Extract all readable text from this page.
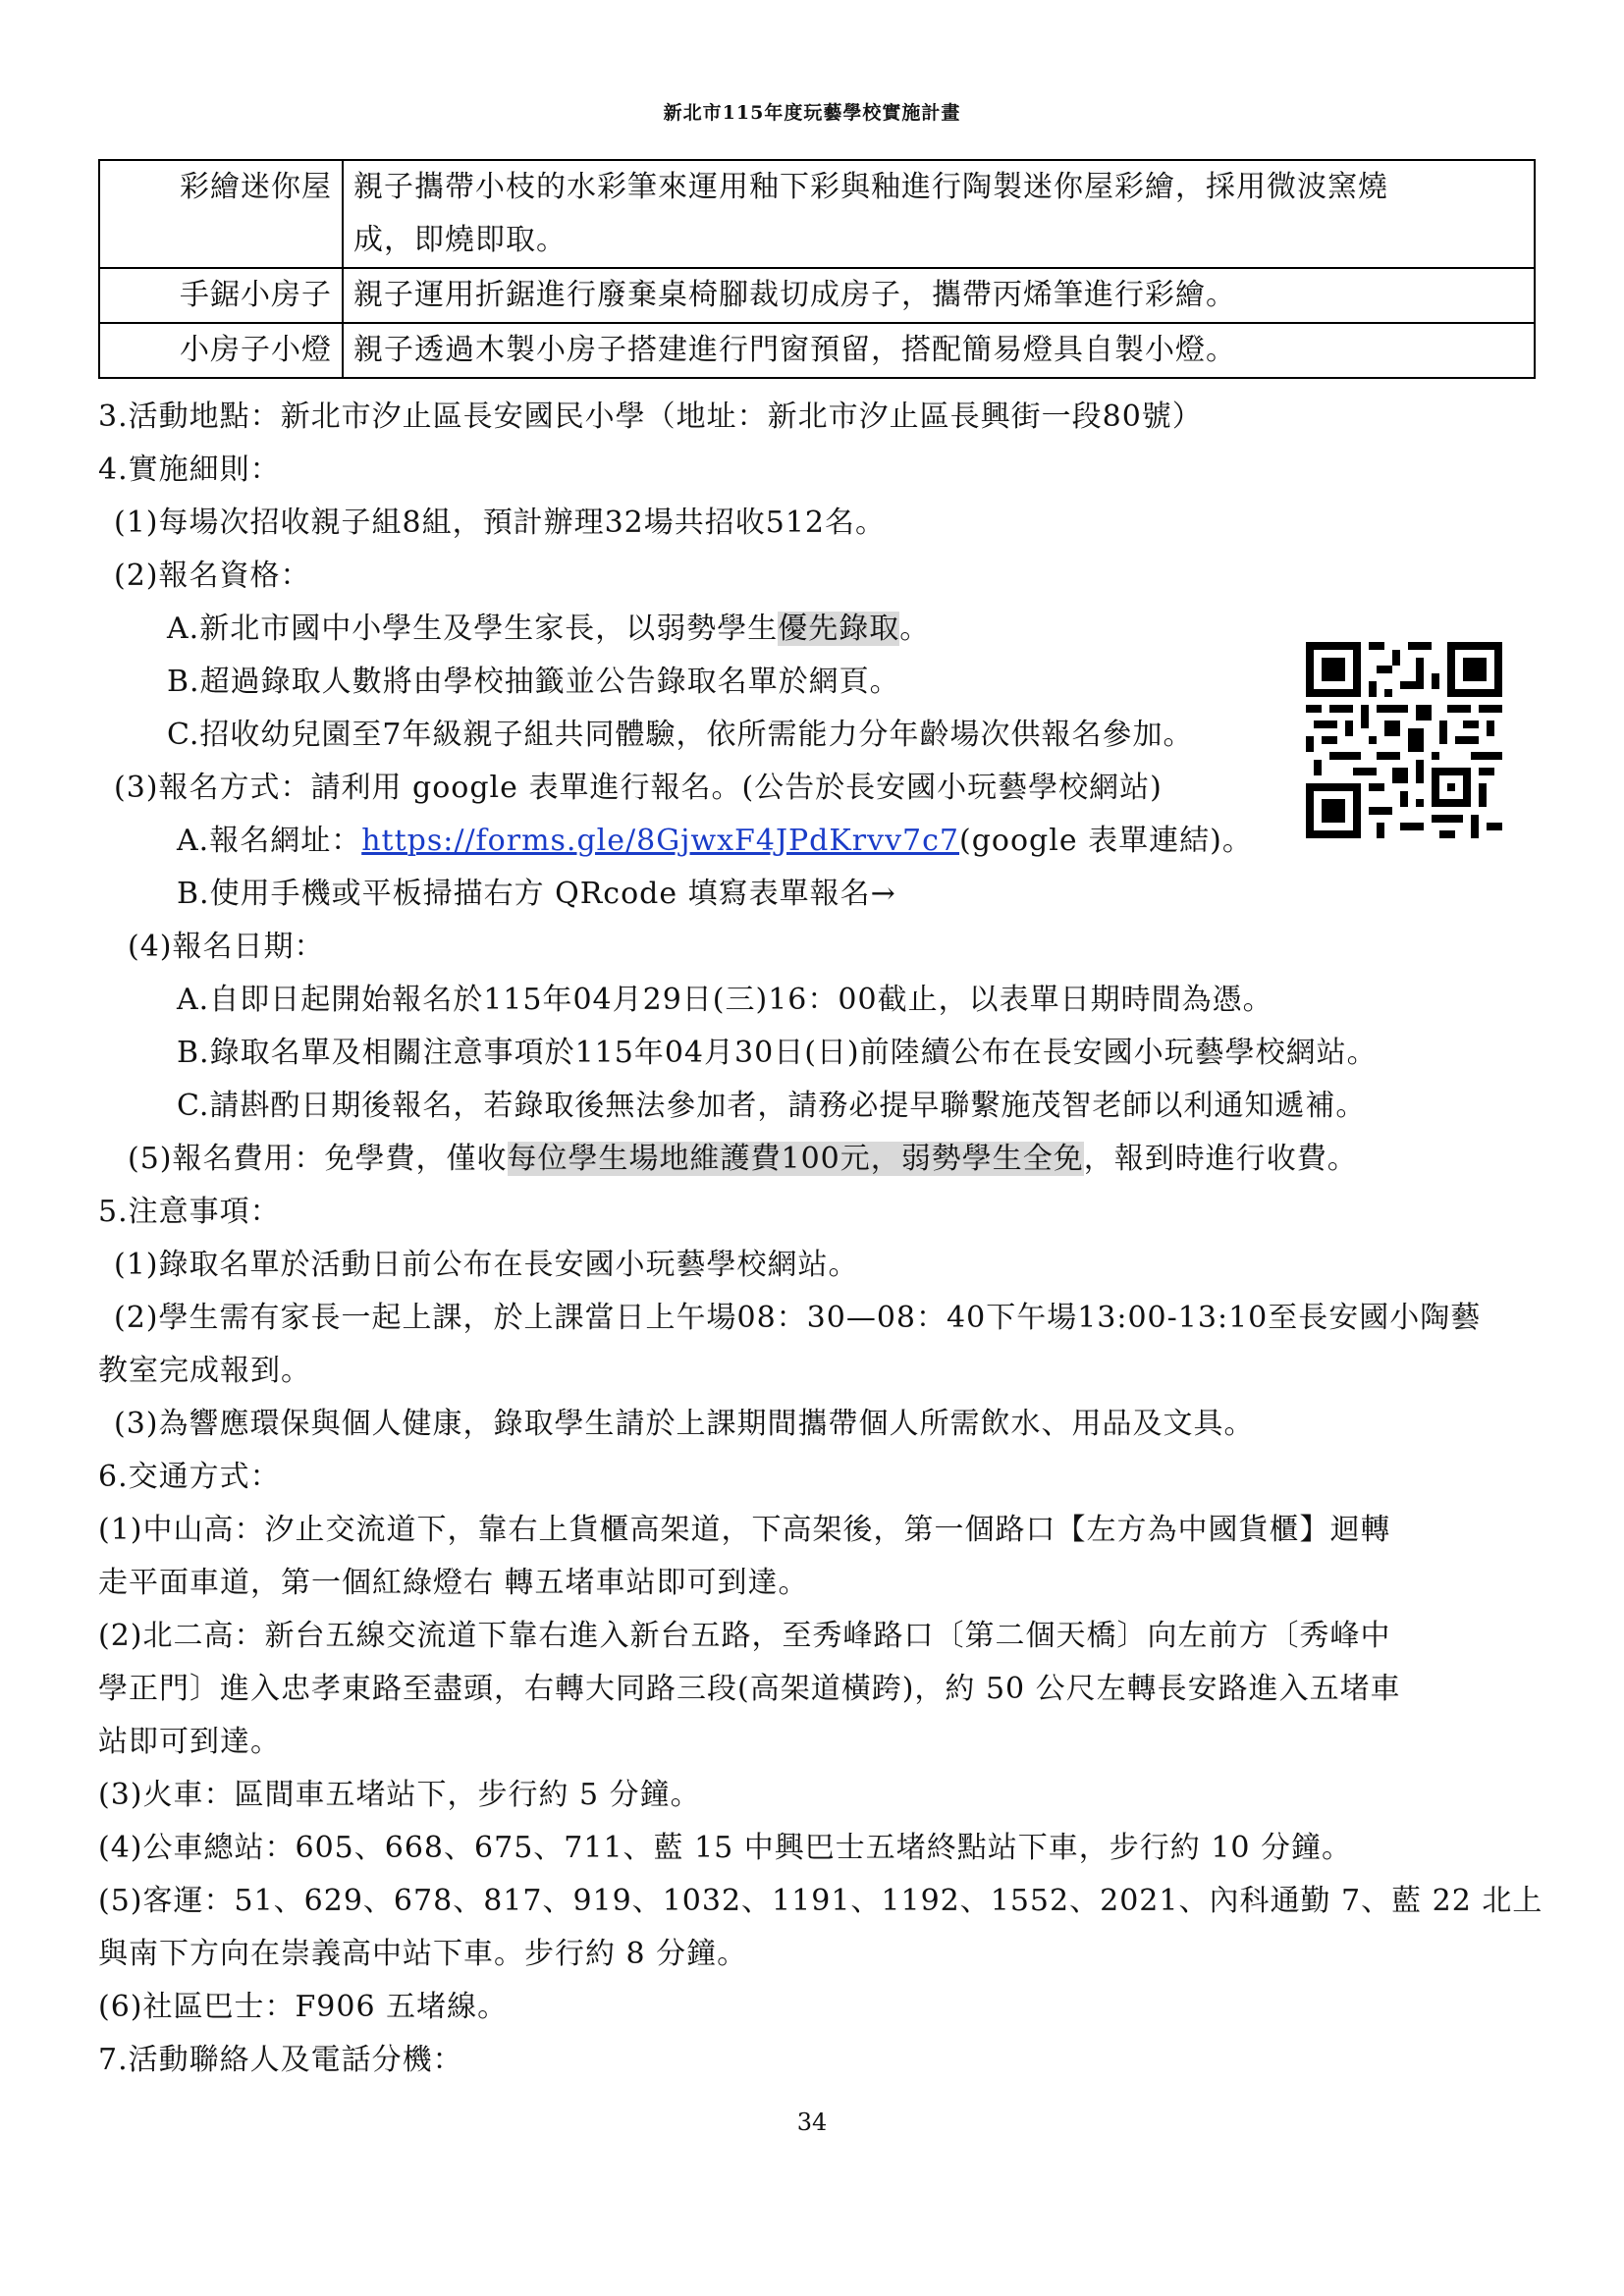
新北市115年度玩藝學校實施計畫
彩繪迷你屋	親子攜帶小枝的水彩筆來運用釉下彩與釉進行陶製迷你屋彩繪，採用微波窯燒
成，即燒即取。
手鋸小房子	親子運用折鋸進行廢棄桌椅腳裁切成房子，攜帶丙烯筆進行彩繪。
小房子小燈	親子透過木製小房子搭建進行門窗預留，搭配簡易燈具自製小燈。
3.活動地點：新北市汐止區長安國民小學（地址：新北市汐止區長興街一段80號）
4.實施細則：
(1)每場次招收親子組8組，預計辦理32場共招收512名。
(2)報名資格：
A.新北市國中小學生及學生家長，以弱勢學生優先錄取。
B.超過錄取人數將由學校抽籤並公告錄取名單於網頁。
C.招收幼兒園至7年級親子組共同體驗，依所需能力分年齡場次供報名參加。
(3)報名方式：請利用 google 表單進行報名。(公告於長安國小玩藝學校網站)
A.報名網址：https://forms.gle/8GjwxF4JPdKrvv7c7(google 表單連結)。
B.使用手機或平板掃描右方 QRcode 填寫表單報名→
(4)報名日期：
A.自即日起開始報名於115年04月29日(三)16：00截止，以表單日期時間為憑。
B.錄取名單及相關注意事項於115年04月30日(日)前陸續公布在長安國小玩藝學校網站。
C.請斟酌日期後報名，若錄取後無法參加者，請務必提早聯繫施茂智老師以利通知遞補。
(5)報名費用：免學費，僅收每位學生場地維護費100元，弱勢學生全免，報到時進行收費。
5.注意事項：
(1)錄取名單於活動日前公布在長安國小玩藝學校網站。
(2)學生需有家長一起上課，於上課當日上午場08：30—08：40下午場13:00-13:10至長安國小陶藝
教室完成報到。
(3)為響應環保與個人健康，錄取學生請於上課期間攜帶個人所需飲水、用品及文具。
6.交通方式：
(1)中山高：汐止交流道下，靠右上貨櫃高架道，下高架後，第一個路口【左方為中國貨櫃】迴轉
走平面車道，第一個紅綠燈右 轉五堵車站即可到達。
(2)北二高：新台五線交流道下靠右進入新台五路，至秀峰路口〔第二個天橋〕向左前方〔秀峰中
學正門〕進入忠孝東路至盡頭，右轉大同路三段(高架道橫跨)，約 50 公尺左轉長安路進入五堵車
站即可到達。
(3)火車：區間車五堵站下，步行約 5 分鐘。
(4)公車總站：605、668、675、711、藍 15 中興巴士五堵終點站下車，步行約 10 分鐘。
(5)客運：51、629、678、817、919、1032、1191、1192、1552、2021、內科通勤 7、藍 22 北上
與南下方向在崇義高中站下車。步行約 8 分鐘。
(6)社區巴士：F906 五堵線。
7.活動聯絡人及電話分機：
34
